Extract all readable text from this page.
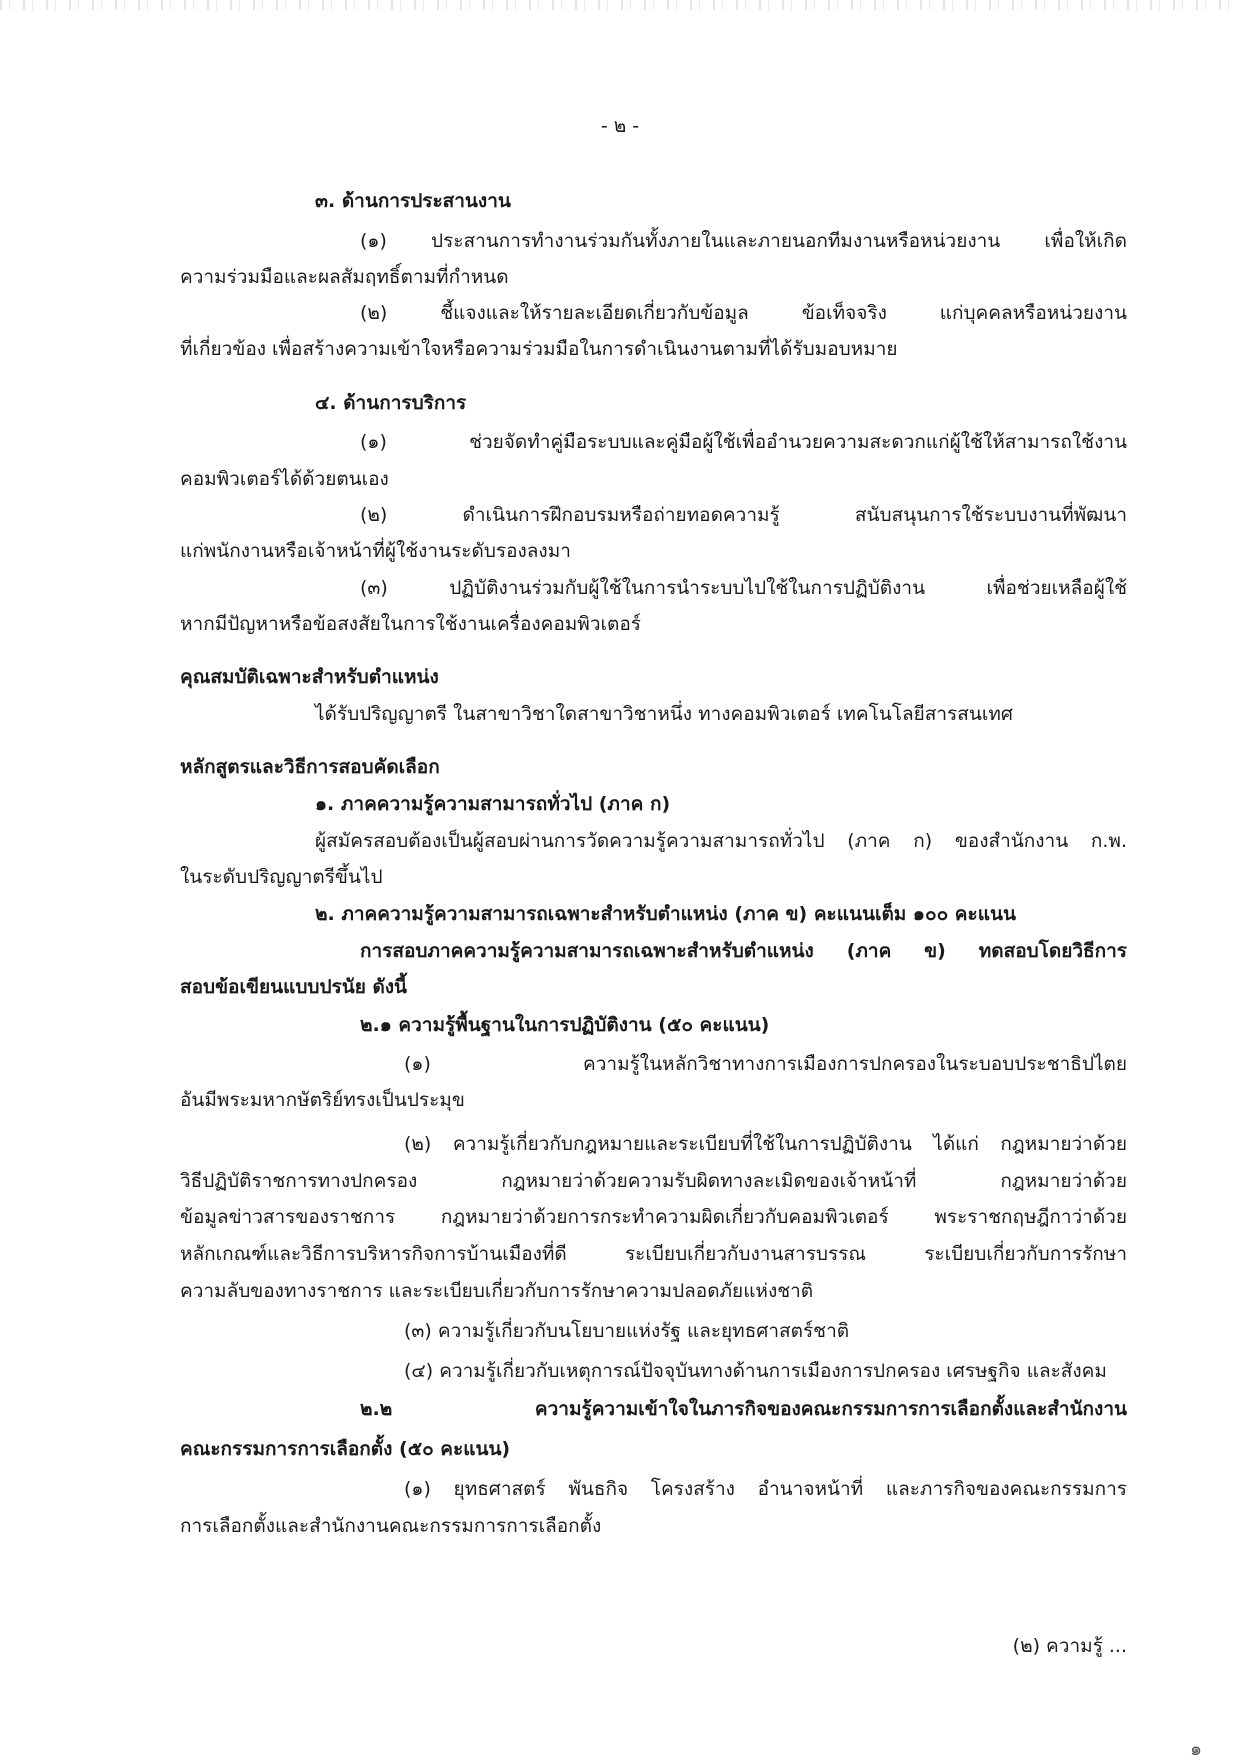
- ๒ -
๓. ด้านการประสานงาน
(๑) ประสานการทำงานร่วมกันทั้งภายในและภายนอกทีมงานหรือหน่วยงาน เพื่อให้เกิด
ความร่วมมือและผลสัมฤทธิ์ตามที่กำหนด
(๒) ชี้แจงและให้รายละเอียดเกี่ยวกับข้อมูล ข้อเท็จจริง แก่บุคคลหรือหน่วยงาน
ที่เกี่ยวข้อง เพื่อสร้างความเข้าใจหรือความร่วมมือในการดำเนินงานตามที่ได้รับมอบหมาย
๔. ด้านการบริการ
(๑) ช่วยจัดทำคู่มือระบบและคู่มือผู้ใช้เพื่ออำนวยความสะดวกแก่ผู้ใช้ให้สามารถใช้งาน
คอมพิวเตอร์ได้ด้วยตนเอง
(๒) ดำเนินการฝึกอบรมหรือถ่ายทอดความรู้ สนับสนุนการใช้ระบบงานที่พัฒนา
แก่พนักงานหรือเจ้าหน้าที่ผู้ใช้งานระดับรองลงมา
(๓) ปฏิบัติงานร่วมกับผู้ใช้ในการนำระบบไปใช้ในการปฏิบัติงาน เพื่อช่วยเหลือผู้ใช้
หากมีปัญหาหรือข้อสงสัยในการใช้งานเครื่องคอมพิวเตอร์
คุณสมบัติเฉพาะสำหรับตำแหน่ง
ได้รับปริญญาตรี ในสาขาวิชาใดสาขาวิชาหนึ่ง ทางคอมพิวเตอร์ เทคโนโลยีสารสนเทศ
หลักสูตรและวิธีการสอบคัดเลือก
๑. ภาคความรู้ความสามารถทั่วไป (ภาค ก)
ผู้สมัครสอบต้องเป็นผู้สอบผ่านการวัดความรู้ความสามารถทั่วไป (ภาค ก) ของสำนักงาน ก.พ.
ในระดับปริญญาตรีขึ้นไป
๒. ภาคความรู้ความสามารถเฉพาะสำหรับตำแหน่ง (ภาค ข) คะแนนเต็ม ๑๐๐ คะแนน
การสอบภาคความรู้ความสามารถเฉพาะสำหรับตำแหน่ง (ภาค ข) ทดสอบโดยวิธีการ
สอบข้อเขียนแบบปรนัย ดังนี้
๒.๑ ความรู้พื้นฐานในการปฏิบัติงาน (๕๐ คะแนน)
(๑) ความรู้ในหลักวิชาทางการเมืองการปกครองในระบอบประชาธิปไตย
อันมีพระมหากษัตริย์ทรงเป็นประมุข
(๒) ความรู้เกี่ยวกับกฎหมายและระเบียบที่ใช้ในการปฏิบัติงาน ได้แก่ กฎหมายว่าด้วย
วิธีปฏิบัติราชการทางปกครอง กฎหมายว่าด้วยความรับผิดทางละเมิดของเจ้าหน้าที่ กฎหมายว่าด้วย
ข้อมูลข่าวสารของราชการ กฎหมายว่าด้วยการกระทำความผิดเกี่ยวกับคอมพิวเตอร์ พระราชกฤษฎีกาว่าด้วย
หลักเกณฑ์และวิธีการบริหารกิจการบ้านเมืองที่ดี ระเบียบเกี่ยวกับงานสารบรรณ ระเบียบเกี่ยวกับการรักษา
ความลับของทางราชการ และระเบียบเกี่ยวกับการรักษาความปลอดภัยแห่งชาติ
(๓) ความรู้เกี่ยวกับนโยบายแห่งรัฐ และยุทธศาสตร์ชาติ
(๔) ความรู้เกี่ยวกับเหตุการณ์ปัจจุบันทางด้านการเมืองการปกครอง เศรษฐกิจ และสังคม
๒.๒ ความรู้ความเข้าใจในภารกิจของคณะกรรมการการเลือกตั้งและสำนักงาน
คณะกรรมการการเลือกตั้ง (๕๐ คะแนน)
(๑) ยุทธศาสตร์ พันธกิจ โครงสร้าง อำนาจหน้าที่ และภารกิจของคณะกรรมการ
การเลือกตั้งและสำนักงานคณะกรรมการการเลือกตั้ง
(๒) ความรู้ ...
๑
